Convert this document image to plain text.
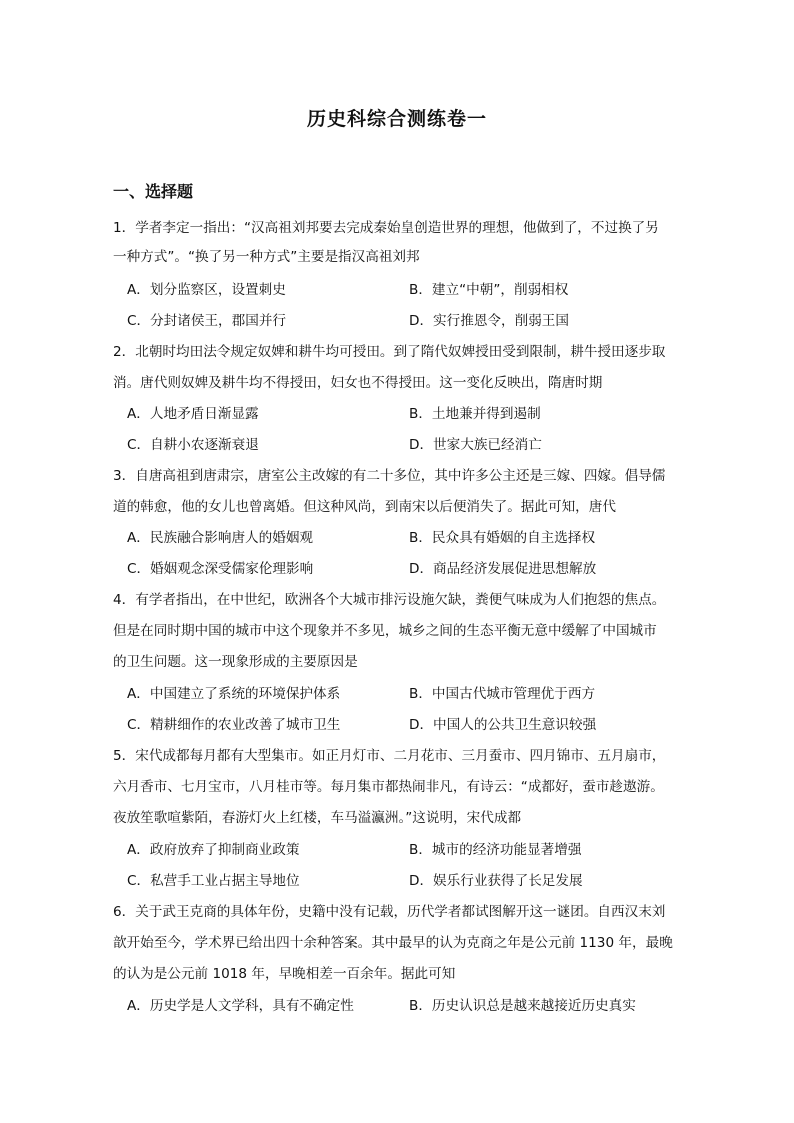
历史科综合测练卷一
一、选择题
1．学者李定一指出：“汉高祖刘邦要去完成秦始皇创造世界的理想，他做到了，不过换了另
一种方式”。“换了另一种方式”主要是指汉高祖刘邦
A．划分监察区，设置刺史	B．建立“中朝”，削弱相权
C．分封诸侯王，郡国并行	D．实行推恩令，削弱王国
2．北朝时均田法令规定奴婢和耕牛均可授田。到了隋代奴婢授田受到限制，耕牛授田逐步取
消。唐代则奴婢及耕牛均不得授田，妇女也不得授田。这一变化反映出，隋唐时期
A．人地矛盾日渐显露	B．土地兼并得到遏制
C．自耕小农逐渐衰退	D．世家大族已经消亡
3．自唐高祖到唐肃宗，唐室公主改嫁的有二十多位，其中许多公主还是三嫁、四嫁。倡导儒
道的韩愈，他的女儿也曾离婚。但这种风尚，到南宋以后便消失了。据此可知，唐代
A．民族融合影响唐人的婚姻观	B．民众具有婚姻的自主选择权
C．婚姻观念深受儒家伦理影响	D．商品经济发展促进思想解放
4．有学者指出，在中世纪，欧洲各个大城市排污设施欠缺，粪便气味成为人们抱怨的焦点。
但是在同时期中国的城市中这个现象并不多见，城乡之间的生态平衡无意中缓解了中国城市
的卫生问题。这一现象形成的主要原因是
A．中国建立了系统的环境保护体系	B．中国古代城市管理优于西方
C．精耕细作的农业改善了城市卫生	D．中国人的公共卫生意识较强
5．宋代成都每月都有大型集市。如正月灯市、二月花市、三月蚕市、四月锦市、五月扇市，
六月香市、七月宝市，八月桂市等。每月集市都热闹非凡，有诗云：“成都好，蚕市趁遨游。
夜放笙歌喧紫陌，春游灯火上红楼，车马溢瀛洲。”这说明，宋代成都
A．政府放弃了抑制商业政策	B．城市的经济功能显著增强
C．私营手工业占据主导地位	D．娱乐行业获得了长足发展
6．关于武王克商的具体年份，史籍中没有记载，历代学者都试图解开这一谜团。自西汉末刘
歆开始至今，学术界已给出四十余种答案。其中最早的认为克商之年是公元前 1130 年，最晚
的认为是公元前 1018 年，早晚相差一百余年。据此可知
A．历史学是人文学科，具有不确定性	B．历史认识总是越来越接近历史真实
